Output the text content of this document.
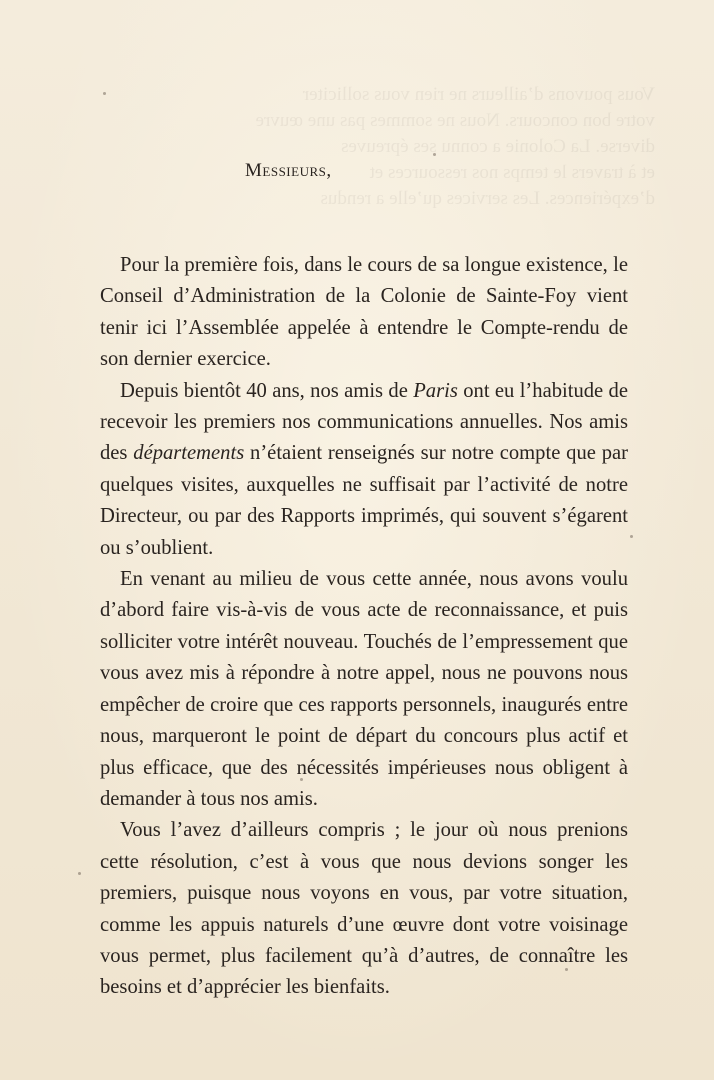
Vous pouvons d’ailleurs ne rien vous solliciter
votre bon concours. Nous ne sommes pas une œuvre
diverse. La Colonie a connu ses épreuves
et à travers le temps nos ressources et
d’expériences. Les services qu’elle a rendus
Messieurs,

Pour la première fois, dans le cours de sa longue existence, le Conseil d’Administration de la Colonie de Sainte-Foy vient tenir ici l’Assemblée appelée à entendre le Compte-rendu de son dernier exercice.

Depuis bientôt 40 ans, nos amis de Paris ont eu l’habitude de recevoir les premiers nos communications annuelles. Nos amis des départements n’étaient renseignés sur notre compte que par quelques visites, auxquelles ne suffisait par l’activité de notre Directeur, ou par des Rapports imprimés, qui souvent s’égarent ou s’oublient.

En venant au milieu de vous cette année, nous avons voulu d’abord faire vis-à-vis de vous acte de reconnaissance, et puis solliciter votre intérêt nouveau. Touchés de l’empressement que vous avez mis à répondre à notre appel, nous ne pouvons nous empêcher de croire que ces rapports personnels, inaugurés entre nous, marqueront le point de départ du concours plus actif et plus efficace, que des nécessités impérieuses nous obligent à demander à tous nos amis.

Vous l’avez d’ailleurs compris ; le jour où nous prenions cette résolution, c’est à vous que nous devions songer les premiers, puisque nous voyons en vous, par votre situation, comme les appuis naturels d’une œuvre dont votre voisinage vous permet, plus facilement qu’à d’autres, de connaître les besoins et d’apprécier les bienfaits.
